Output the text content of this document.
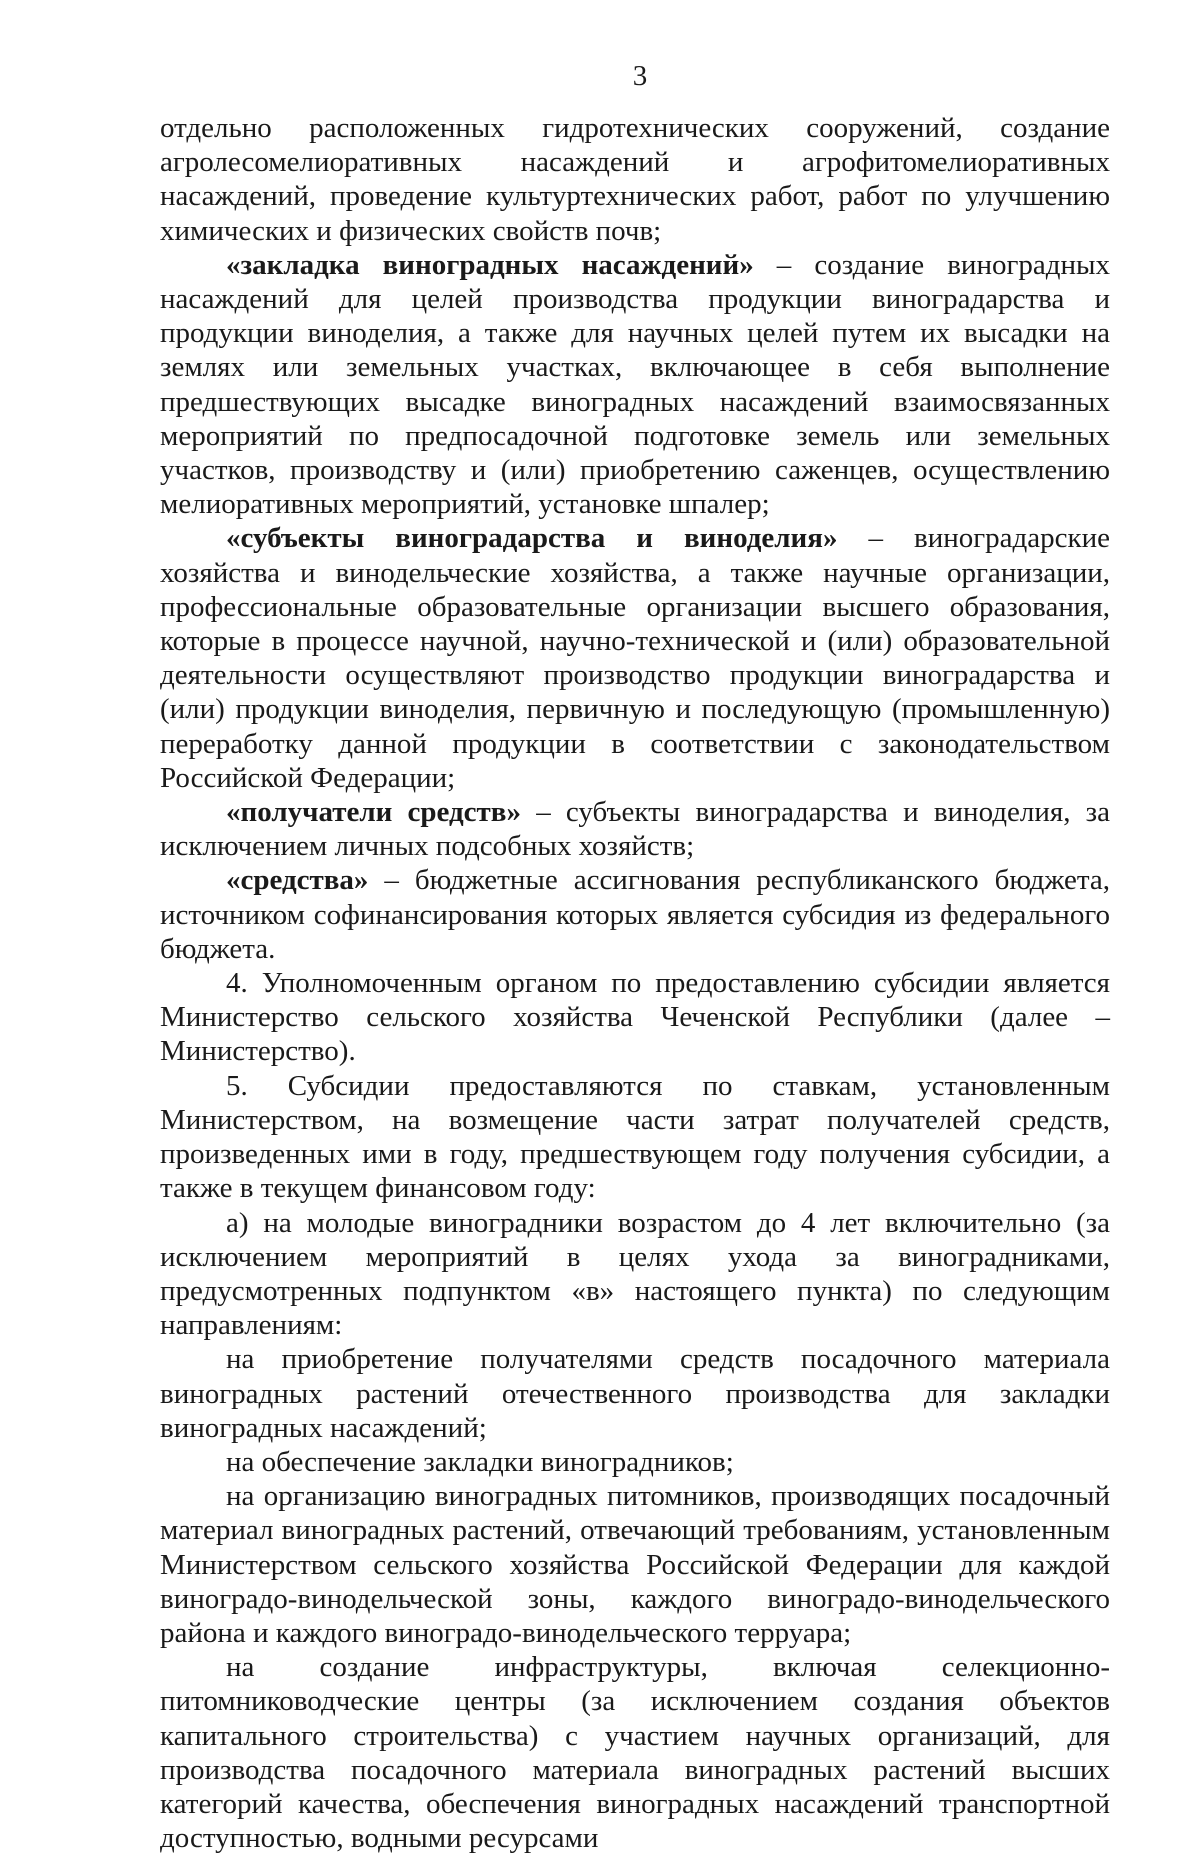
3

отдельно расположенных гидротехнических сооружений, создание агролесомелиоративных насаждений и агрофитомелиоративных насаждений, проведение культуртехнических работ, работ по улучшению химических и физических свойств почв;

«закладка виноградных насаждений» – создание виноградных насаждений для целей производства продукции виноградарства и продукции виноделия, а также для научных целей путем их высадки на землях или земельных участках, включающее в себя выполнение предшествующих высадке виноградных насаждений взаимосвязанных мероприятий по предпосадочной подготовке земель или земельных участков, производству и (или) приобретению саженцев, осуществлению мелиоративных мероприятий, установке шпалер;

«субъекты виноградарства и виноделия» – виноградарские хозяйства и винодельческие хозяйства, а также научные организации, профессиональные образовательные организации высшего образования, которые в процессе научной, научно-технической и (или) образовательной деятельности осуществляют производство продукции виноградарства и (или) продукции виноделия, первичную и последующую (промышленную) переработку данной продукции в соответствии с законодательством Российской Федерации;

«получатели средств» – субъекты виноградарства и виноделия, за исключением личных подсобных хозяйств;

«средства» – бюджетные ассигнования республиканского бюджета, источником софинансирования которых является субсидия из федерального бюджета.

4. Уполномоченным органом по предоставлению субсидии является Министерство сельского хозяйства Чеченской Республики (далее – Министерство).

5. Субсидии предоставляются по ставкам, установленным Министерством, на возмещение части затрат получателей средств, произведенных ими в году, предшествующем году получения субсидии, а также в текущем финансовом году:

а) на молодые виноградники возрастом до 4 лет включительно (за исключением мероприятий в целях ухода за виноградниками, предусмотренных подпунктом «в» настоящего пункта) по следующим направлениям:

на приобретение получателями средств посадочного материала виноградных растений отечественного производства для закладки виноградных насаждений;

на обеспечение закладки виноградников;

на организацию виноградных питомников, производящих посадочный материал виноградных растений, отвечающий требованиям, установленным Министерством сельского хозяйства Российской Федерации для каждой виноградо-винодельческой зоны, каждого виноградо-винодельческого района и каждого виноградо-винодельческого терруара;

на создание инфраструктуры, включая селекционно-питомниководческие центры (за исключением создания объектов капитального строительства) с участием научных организаций, для производства посадочного материала виноградных растений высших категорий качества, обеспечения виноградных насаждений транспортной доступностью, водными ресурсами
